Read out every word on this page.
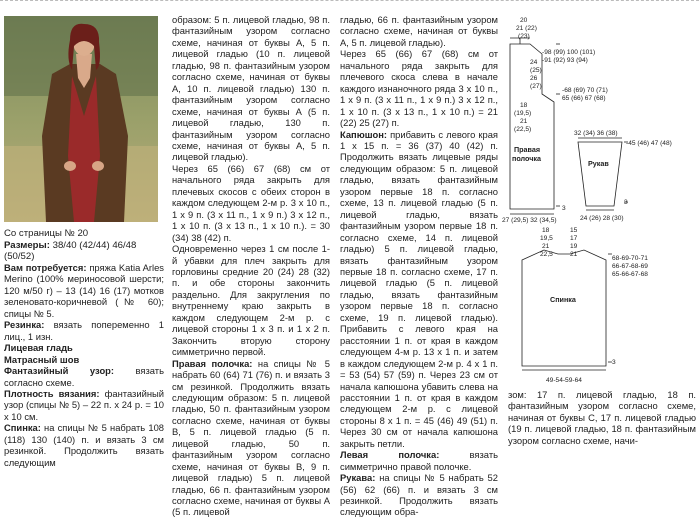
Со страницы № 20
Размеры: 38/40 (42/44) 46/48 (50/52)

Вам потребуется: пряжа Katia Arles Merino (100% мериносовой шерсти; 120 м/50 г) – 13 (14) 16 (17) мотков зеленовато-коричневой (№ 60); спицы № 5.

Резинка: вязать попеременно 1 лиц., 1 изн.

Лицевая гладь

Матрасный шов

Фантазийный узор: вязать согласно схеме.

Плотность вязания: фантазийный узор (спицы № 5) – 22 п. х 24 р. = 10 х 10 см.

Спинка: на спицы № 5 набрать 108 (118) 130 (140) п. и вязать 3 см резинкой. Продолжить вязать следующим

образом: 5 п. лицевой гладью, 98 п. фантазийным узором согласно схеме, начиная от буквы А, 5 п. лицевой гладью (10 п. лицевой гладью, 98 п. фантазийным узором согласно схеме, начиная от буквы А, 10 п. лицевой гладью) 130 п. фантазийным узором согласно схеме, начиная от буквы А (5 п. лицевой гладью, 130 п. фантазийным узором согласно схеме, начиная от буквы А, 5 п. лицевой гладью).

Через 65 (66) 67 (68) см от начального ряда закрыть для плечевых скосов с обеих сторон в каждом следующем 2-м р. 3 х 10 п., 1 х 9 п. (3 х 11 п., 1 х 9 п.) 3 х 12 п., 1 х 10 п. (3 х 13 п., 1 х 10 п.). = 30 (34) 38 (42) п.

Одновременно через 1 см после 1-й убавки для плеч закрыть для горловины средние 20 (24) 28 (32) п. и обе стороны закончить раздельно. Для закругления по внутреннему краю закрыть в каждом следующем 2-м р. с лицевой стороны 1 х 3 п. и 1 х 2 п. Закончить вторую сторону симметрично первой.

Правая полочка: на спицы № 5 набрать 60 (64) 71 (76) п. и вязать 3 см резинкой. Продолжить вязать следующим образом: 5 п. лицевой гладью, 50 п. фантазийным узором согласно схеме, начиная от буквы В, 5 п. лицевой гладью (5 п. лицевой гладью, 50 п. фантазийным узором согласно схеме, начиная от буквы В, 9 п. лицевой гладью) 5 п. лицевой гладью, 66 п. фантазийным узором согласно схеме, начиная от буквы А (5 п. лицевой

гладью, 66 п. фантазийным узором согласно схеме, начиная от буквы А, 5 п. лицевой гладью).

Через 65 (66) 67 (68) см от начального ряда закрыть для плечевого скоса слева в начале каждого изнаночного ряда 3 х 10 п., 1 х 9 п. (3 х 11 п., 1 х 9 п.) 3 х 12 п., 1 х 10 п. (3 х 13 п., 1 х 10 п.) = 21 (22) 25 (27) п.

Капюшон: прибавить с левого края 1 х 15 п. = 36 (37) 40 (42) п. Продолжить вязать лицевые ряды следующим образом: 5 п. лицевой гладью, вязать фантазийным узором первые 18 п. согласно схеме, 13 п. лицевой гладью (5 п. лицевой гладью, вязать фантазийным узором первые 18 п. согласно схеме, 14 п. лицевой гладью) 5 п. лицевой гладью, вязать фантазийным узором первые 18 п. согласно схеме, 17 п. лицевой гладью (5 п. лицевой гладью, вязать фантазийным узором первые 18 п. согласно схеме, 19 п. лицевой гладью). Прибавить с левого края на расстоянии 1 п. от края в каждом следующем 4-м р. 13 х 1 п. и затем в каждом следующем 2-м р. 4 х 1 п. = 53 (54) 57 (59) п. Через 23 см от начала капюшона убавить слева на расстоянии 1 п. от края в каждом следующем 2-м р. с лицевой стороны 8 х 1 п. = 45 (46) 49 (51) п. Через 30 см от начала капюшона закрыть петли.

Левая полочка: вязать симметрично правой полочке.

Рукава: на спицы № 5 набрать 52 (56) 62 (66) п. и вязать 3 см резинкой. Продолжить вязать следующим обра-

зом: 17 п. лицевой гладью, 18 п. фантазийным узором согласно схеме, начиная от буквы С, 17 п. лицевой гладью (19 п. лицевой гладью, 18 п. фантазийным узором согласно схеме, начи-

20
21 (22)
(23)
-98 (99) 100 (101)
-91 (92) 93 (94)
24
(25)
26
(27)
-68 (69) 70 (71)
65 (66) 67 (68)
18
(19,5)
21
(22,5)
Правая
полочка
27 (29,5) 32 (34,5)
3
32 (34) 36 (38)
-45 (46) 47 (48)
Рукав
24 (26) 28 (30)
3
18	15
19,5	17
21	19
22,5	21
68-69-70-71
66-67-68-69
65-66-67-68
Спинка
49-54-59-64
3
